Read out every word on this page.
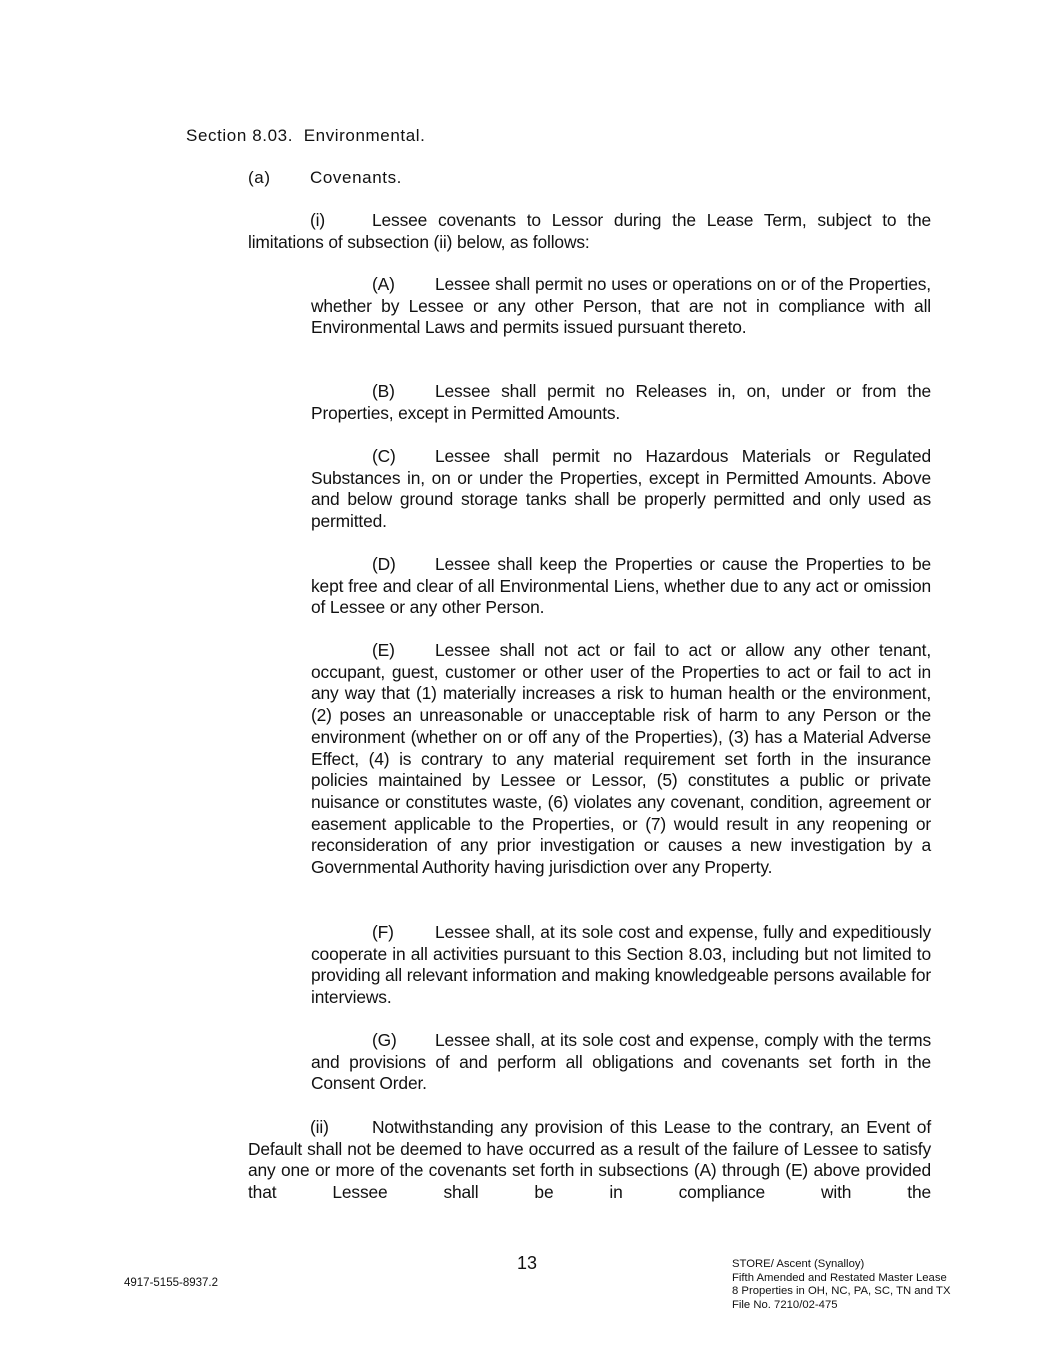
Section 8.03. Environmental.
(a) Covenants.
(i)	Lessee covenants to Lessor during the Lease Term, subject to the limitations of subsection (ii) below, as follows:
(A) Lessee shall permit no uses or operations on or of the Properties, whether by Lessee or any other Person, that are not in compliance with all Environmental Laws and permits issued pursuant thereto.
(B) Lessee shall permit no Releases in, on, under or from the Properties, except in Permitted Amounts.
(C) Lessee shall permit no Hazardous Materials or Regulated Substances in, on or under the Properties, except in Permitted Amounts. Above and below ground storage tanks shall be properly permitted and only used as permitted.
(D) Lessee shall keep the Properties or cause the Properties to be kept free and clear of all Environmental Liens, whether due to any act or omission of Lessee or any other Person.
(E) Lessee shall not act or fail to act or allow any other tenant, occupant, guest, customer or other user of the Properties to act or fail to act in any way that (1) materially increases a risk to human health or the environment, (2) poses an unreasonable or unacceptable risk of harm to any Person or the environment (whether on or off any of the Properties), (3) has a Material Adverse Effect, (4) is contrary to any material requirement set forth in the insurance policies maintained by Lessee or Lessor, (5) constitutes a public or private nuisance or constitutes waste, (6) violates any covenant, condition, agreement or easement applicable to the Properties, or (7) would result in any reopening or reconsideration of any prior investigation or causes a new investigation by a Governmental Authority having jurisdiction over any Property.
(F) Lessee shall, at its sole cost and expense, fully and expeditiously cooperate in all activities pursuant to this Section 8.03, including but not limited to providing all relevant information and making knowledgeable persons available for interviews.
(G) Lessee shall, at its sole cost and expense, comply with the terms and provisions of and perform all obligations and covenants set forth in the Consent Order.
(ii) Notwithstanding any provision of this Lease to the contrary, an Event of Default shall not be deemed to have occurred as a result of the failure of Lessee to satisfy any one or more of the covenants set forth in subsections (A) through (E) above provided that Lessee shall be in compliance with the
4917-5155-8937.2
13	STORE/ Ascent (Synalloy)
Fifth Amended and Restated Master Lease
8 Properties in OH, NC, PA, SC, TN and TX
File No. 7210/02-475
